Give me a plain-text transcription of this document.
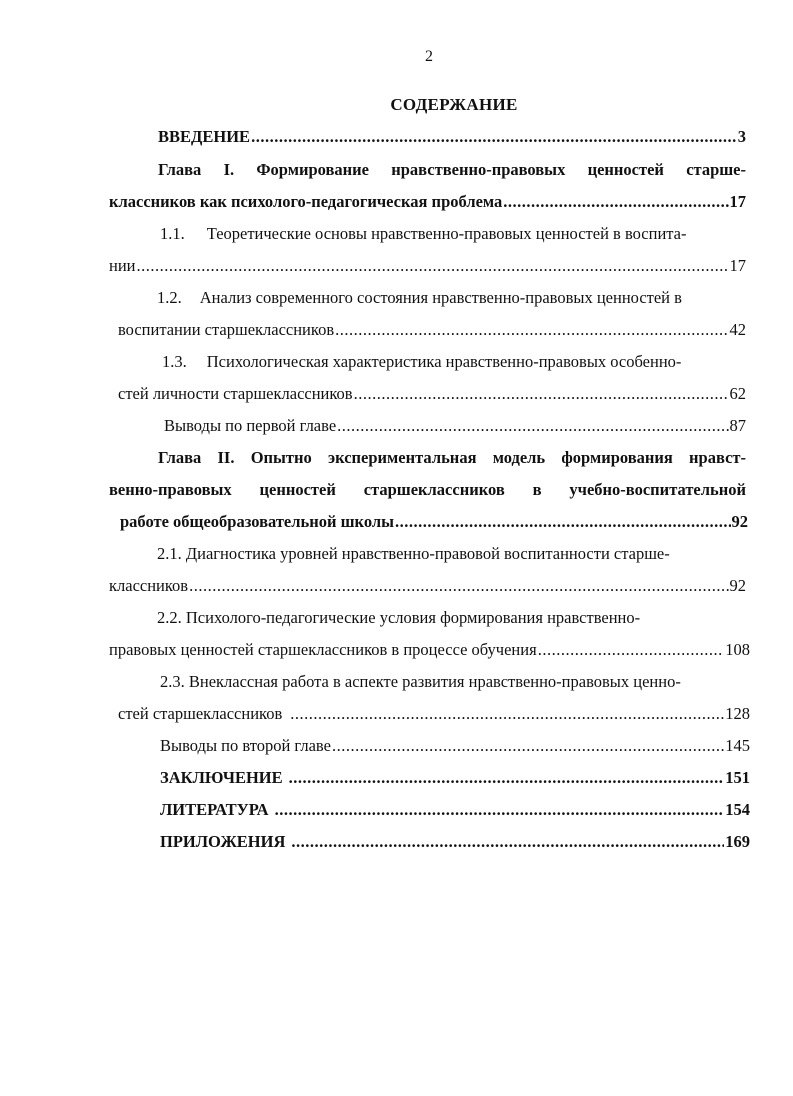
2
СОДЕРЖАНИЕ
ВВЕДЕНИЕ .....	3
Глава I. Формирование нравственно-правовых ценностей старше-
классников как психолого-педагогическая проблема .....	17
1.1. Теоретические основы нравственно-правовых ценностей в воспита-
нии .....	17
1.2. Анализ современного состояния нравственно-правовых ценностей в
воспитании старшеклассников .....	42
1.3. Психологическая характеристика нравственно-правовых особенно-
стей личности старшеклассников .....	62
Выводы по первой главе .....	87
Глава II. Опытно экспериментальная модель формирования нравст-
венно-правовых ценностей старшеклассников в учебно-воспитательной
работе общеобразовательной школы .....	92
2.1. Диагностика уровней нравственно-правовой воспитанности старше-
классников .....	92
2.2. Психолого-педагогические условия формирования нравственно-
правовых ценностей старшеклассников в процессе обучения .....	108
2.3. Внеклассная работа в аспекте развития нравственно-правовых ценно-
стей старшеклассников .....	128
Выводы по второй главе .....	145
ЗАКЛЮЧЕНИЕ .....	151
ЛИТЕРАТУРА .....	154
ПРИЛОЖЕНИЯ .....	169
